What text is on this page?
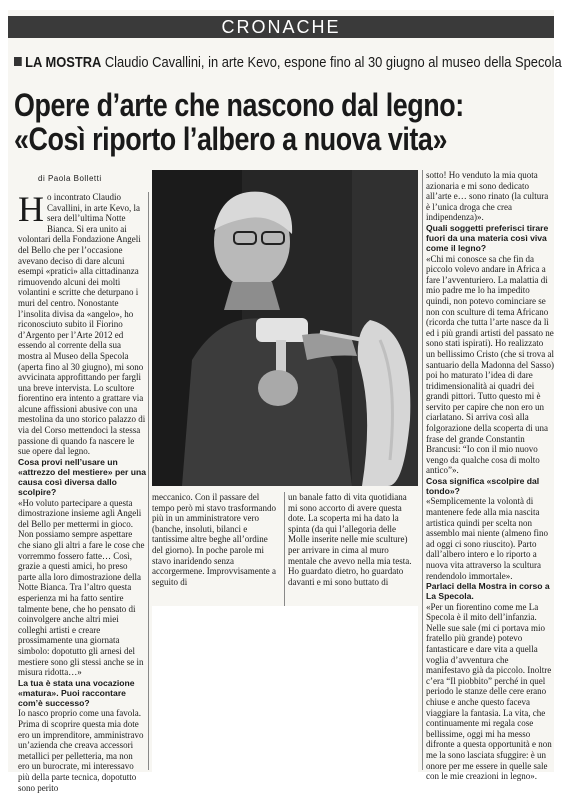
CRONACHE
LA MOSTRA Claudio Cavallini, in arte Kevo, espone fino al 30 giugno al museo della Specola
Opere d’arte che nascono dal legno:
«Così riporto l’albero a nuova vita»
di Paola Bolletti
H o incontrato Claudio Cavallini, in arte Kevo, la sera dell’ultima Notte Bianca. Si era unito ai volontari della Fondazione Angeli del Bello che per l’occasione avevano deciso di dare alcuni esempi «pratici» alla cittadinanza rimuovendo alcuni dei molti volantini e scritte che deturpano i muri del centro. Nonostante l’insolita divisa da «angelo», ho riconosciuto subito il Fiorino d’Argento per l’Arte 2012 ed essendo al corrente della sua mostra al Museo della Specola (aperta fino al 30 giugno), mi sono avvicinata approfittando per fargli una breve intervista. Lo scultore fiorentino era intento a grattare via alcune affissioni abusive con una mestolina da uno storico palazzo di via del Corso mettendoci la stessa passione di quando fa nascere le sue opere dal legno.

Cosa provi nell’usare un «attrezzo del mestiere» per una causa così diversa dallo scolpire?

«Ho voluto partecipare a questa dimostrazione insieme agli Angeli del Bello per mettermi in gioco. Non possiamo sempre aspettare che siano gli altri a fare le cose che vorremmo fossero fatte… Così, grazie a questi amici, ho preso parte alla loro dimostrazione della Notte Bianca. Tra l’altro questa esperienza mi ha fatto sentire talmente bene, che ho pensato di coinvolgere anche altri miei colleghi artisti e creare prossimamente una giornata simbolo: dopotutto gli arnesi del mestiere sono gli stessi anche se in misura ridotta…»

La tua è stata una vocazione «matura». Puoi raccontare com’è successo?

Io nasco proprio come una favola. Prima di scoprire questa mia dote ero un imprenditore, amministravo un’azienda che creava accessori metallici per pelletteria, ma non ero un burocrate, mi interessavo più della parte tecnica, dopotutto sono perito

meccanico. Con il passare del tempo però mi stavo trasformando più in un amministratore vero (banche, insoluti, bilanci e tantissime altre beghe all’ordine del giorno). In poche parole mi stavo inaridendo senza accorgermene. Improvvisamente a seguito di

un banale fatto di vita quotidiana mi sono accorto di avere questa dote. La scoperta mi ha dato la spinta (da qui l’allegoria delle Molle inserite nelle mie sculture) per arrivare in cima al muro mentale che avevo nella mia testa. Ho guardato dietro, ho guardato davanti e mi sono buttato di

sotto! Ho venduto la mia quota azionaria e mi sono dedicato all’arte e… sono rinato (la cultura è l’unica droga che crea indipendenza)».

Quali soggetti preferisci tirare fuori da una materia così viva come il legno?

«Chi mi conosce sa che fin da piccolo volevo andare in Africa a fare l’avventuriero. La malattia di mio padre me lo ha impedito quindi, non potevo cominciare se non con sculture di tema Africano (ricorda che tutta l’arte nasce da lì ed i più grandi artisti del passato ne sono stati ispirati). Ho realizzato un bellissimo Cristo (che si trova al santuario della Madonna del Sasso) poi ho maturato l’idea di dare tridimensionalità ai quadri dei grandi pittori. Tutto questo mi è servito per capire che non ero un ciarlatano. Si arriva così alla folgorazione della scoperta di una frase del grande Constantin Brancusi: “Io con il mio nuovo vengo da qualche cosa di molto antico”».

Cosa significa «scolpire dal tondo»?

«Semplicemente la volontà di mantenere fede alla mia nascita artistica quindi per scelta non assemblo mai niente (almeno fino ad oggi ci sono riuscito). Parto dall’albero intero e lo riporto a nuova vita attraverso la scultura rendendolo immortale».

Parlaci della Mostra in corso a La Specola.

«Per un fiorentino come me La Specola è il mito dell’infanzia. Nelle sue sale (mi ci portava mio fratello più grande) potevo fantasticare e dare vita a quella voglia d’avventura che manifestavo già da piccolo. Inoltre c’era “Il piobbito” perché in quel periodo le stanze delle cere erano chiuse e anche questo faceva viaggiare la fantasia. La vita, che continuamente mi regala cose bellissime, oggi mi ha messo difronte a questa opportunità e non me la sono lasciata sfuggire: è un onore per me essere in quelle sale con le mie creazioni in legno».
